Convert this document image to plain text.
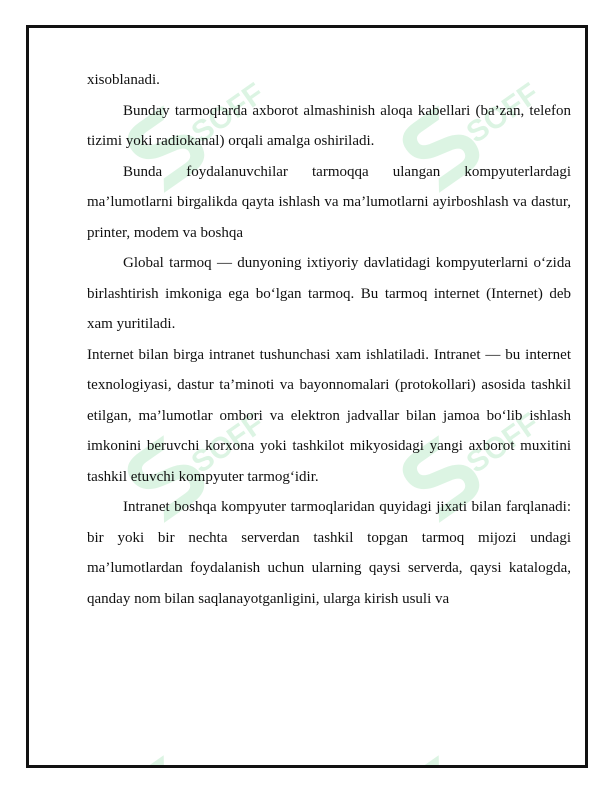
SOFF	SOFF
SOFF	SOFF

xisoblanadi.

Bunday tarmoqlarda axborot almashinish aloqa kabellari (ba’zan, telefon tizimi yoki radiokanal) orqali amalga oshiriladi.

Bunda foydalanuvchilar tarmoqqa ulangan kompyuterlardagi ma’lumotlarni birgalikda qayta ishlash va ma’lumotlarni ayirboshlash va dastur, printer, modem va boshqa

Global tarmoq — dunyoning ixtiyoriy davlatidagi kompyuterlarni o‘zida birlashtirish imkoniga ega bo‘lgan tarmoq. Bu tarmoq internet (Internet) deb xam yuritiladi.

Internet bilan birga intranet tushunchasi xam ishlatiladi. Intranet — bu internet texnologiyasi, dastur ta’minoti va bayonnomalari (protokollari) asosida tashkil etilgan, ma’lumotlar ombori va elektron jadvallar bilan jamoa bo‘lib ishlash imkonini beruvchi korxona yoki tashkilot mikyosidagi yangi axborot muxitini tashkil etuvchi kompyuter tarmog‘idir.

Intranet boshqa kompyuter tarmoqlaridan quyidagi jixati bilan farqlanadi: bir yoki bir nechta serverdan tashkil topgan tarmoq mijozi undagi ma’lumotlardan foydalanish uchun ularning qaysi serverda, qaysi katalogda, qanday nom bilan saqlanayotganligini, ularga kirish usuli va
